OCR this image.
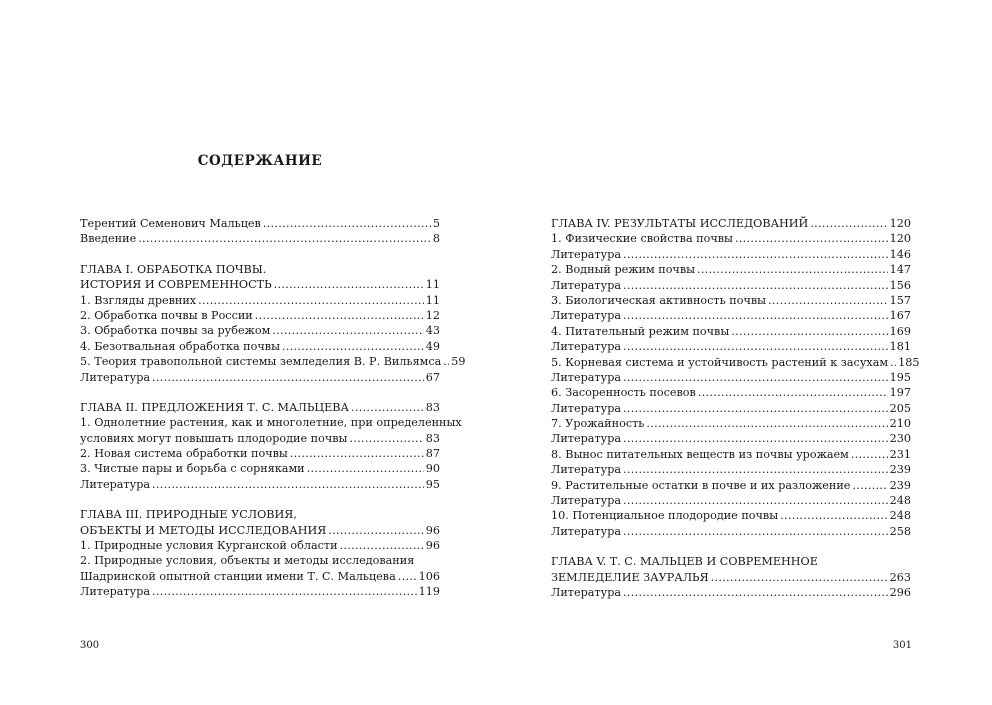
СОДЕРЖАНИЕ
Терентий Семенович Мальцев .....	5
Введение .....	8
ГЛАВА I. ОБРАБОТКА ПОЧВЫ.
ИСТОРИЯ И СОВРЕМЕННОСТЬ .....	11
1. Взгляды древних .....	11
2. Обработка почвы в России .....	12
3. Обработка почвы за рубежом .....	43
4. Безотвальная обработка почвы .....	49
5. Теория травопольной системы земледелия В. Р. Вильямса ..... 59
Литература .....	67
ГЛАВА II. ПРЕДЛОЖЕНИЯ Т. С. МАЛЬЦЕВА .....	83
1. Однолетние растения, как и многолетние, при определенных
условиях могут повышать плодородие почвы .....	83
2. Новая система обработки почвы .....	87
3. Чистые пары и борьба с сорняками .....	90
Литература .....	95
ГЛАВА III. ПРИРОДНЫЕ УСЛОВИЯ,
ОБЪЕКТЫ И МЕТОДЫ ИССЛЕДОВАНИЯ .....	96
1. Природные условия Курганской области .....	96
2. Природные условия, объекты и методы исследования
Шадринской опытной станции имени Т. С. Мальцева ..... 106
Литература .....	119
300
ГЛАВА IV. РЕЗУЛЬТАТЫ ИССЛЕДОВАНИЙ .....	120
1. Физические свойства почвы .....	120
Литература .....	146
2. Водный режим почвы .....	147
Литература .....	156
3. Биологическая активность почвы .....	157
Литература .....	167
4. Питательный режим почвы .....	169
Литература .....	181
5. Корневая система и устойчивость растений к засухам ..... 185
Литература .....	195
6. Засоренность посевов .....	197
Литература .....	205
7. Урожайность .....	210
Литература .....	230
8. Вынос питательных веществ из почвы урожаем .....	231
Литература .....	239
9. Растительные остатки в почве и их разложение .....	239
Литература .....	248
10. Потенциальное плодородие почвы .....	248
Литература .....	258
ГЛАВА V. Т. С. МАЛЬЦЕВ И СОВРЕМЕННОЕ
ЗЕМЛЕДЕЛИЕ ЗАУРАЛЬЯ .....	263
Литература .....	296
301
